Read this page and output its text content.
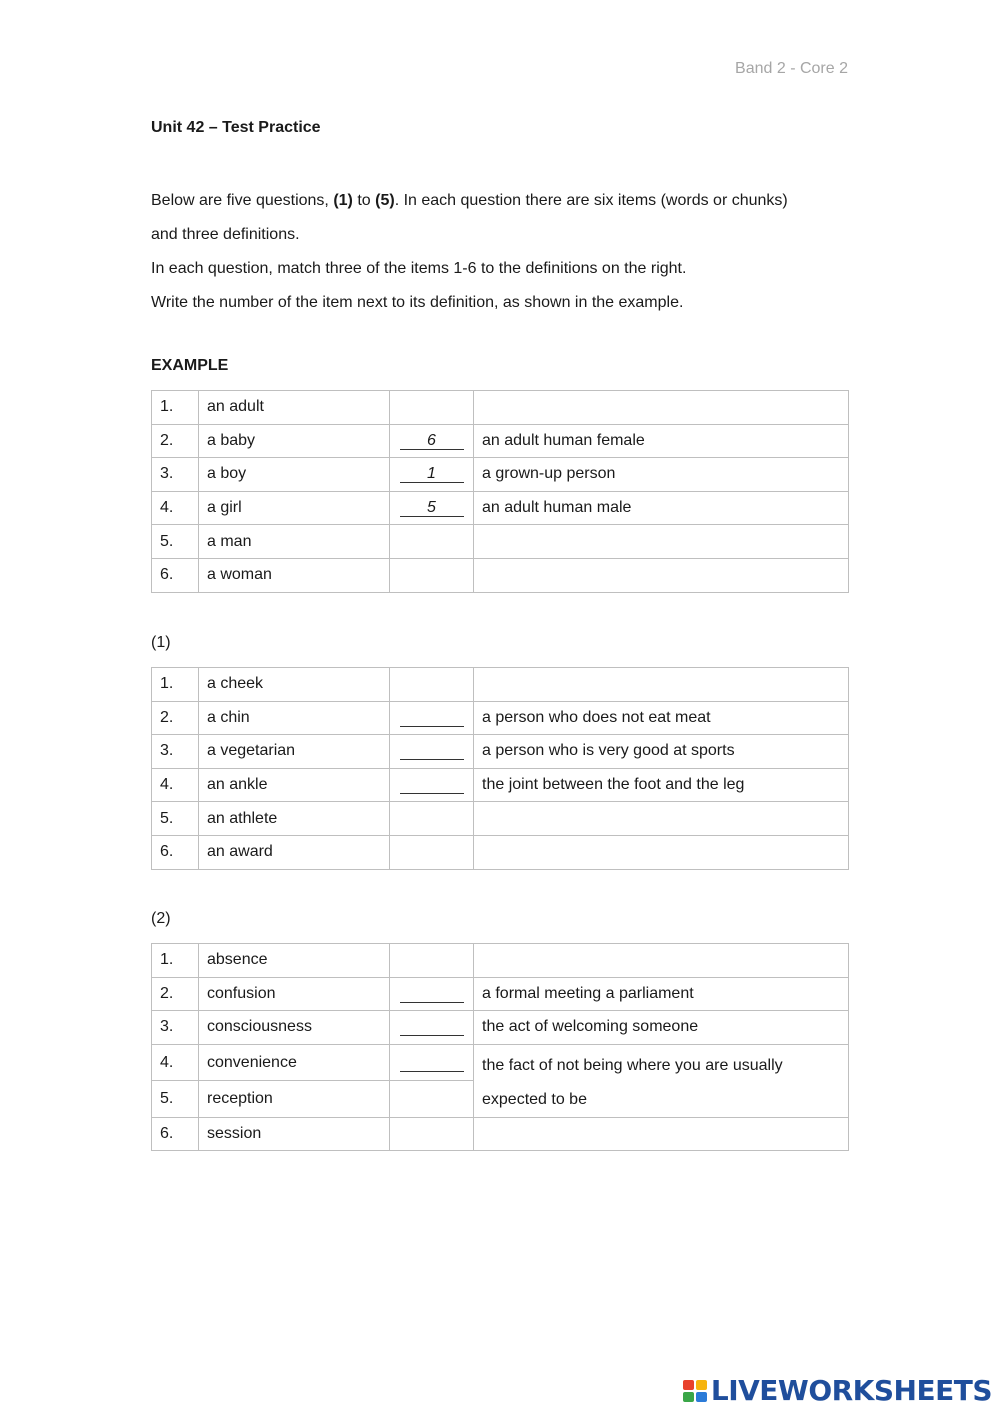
Band 2 - Core 2
Unit 42 – Test Practice

Below are five questions, (1) to (5). In each question there are six items (words or chunks)

and three definitions.

In each question, match three of the items 1-6 to the definitions on the right.

Write the number of the item next to its definition, as shown in the example.

EXAMPLE
1.	an adult		
2.	a baby	6	an adult human female
3.	a boy	1	a grown-up person
4.	a girl	5	an adult human male
5.	a man		
6.	a woman		
(1)
1.	a cheek		
2.	a chin		a person who does not eat meat
3.	a vegetarian		a person who is very good at sports
4.	an ankle		the joint between the foot and the leg
5.	an athlete		
6.	an award		
(2)
1.	absence		
2.	confusion		a formal meeting a parliament
3.	consciousness		the act of welcoming someone
4.	convenience		the fact of not being where you are usually expected to be
5.	reception		
6.	session		
LIVEWORKSHEETS
